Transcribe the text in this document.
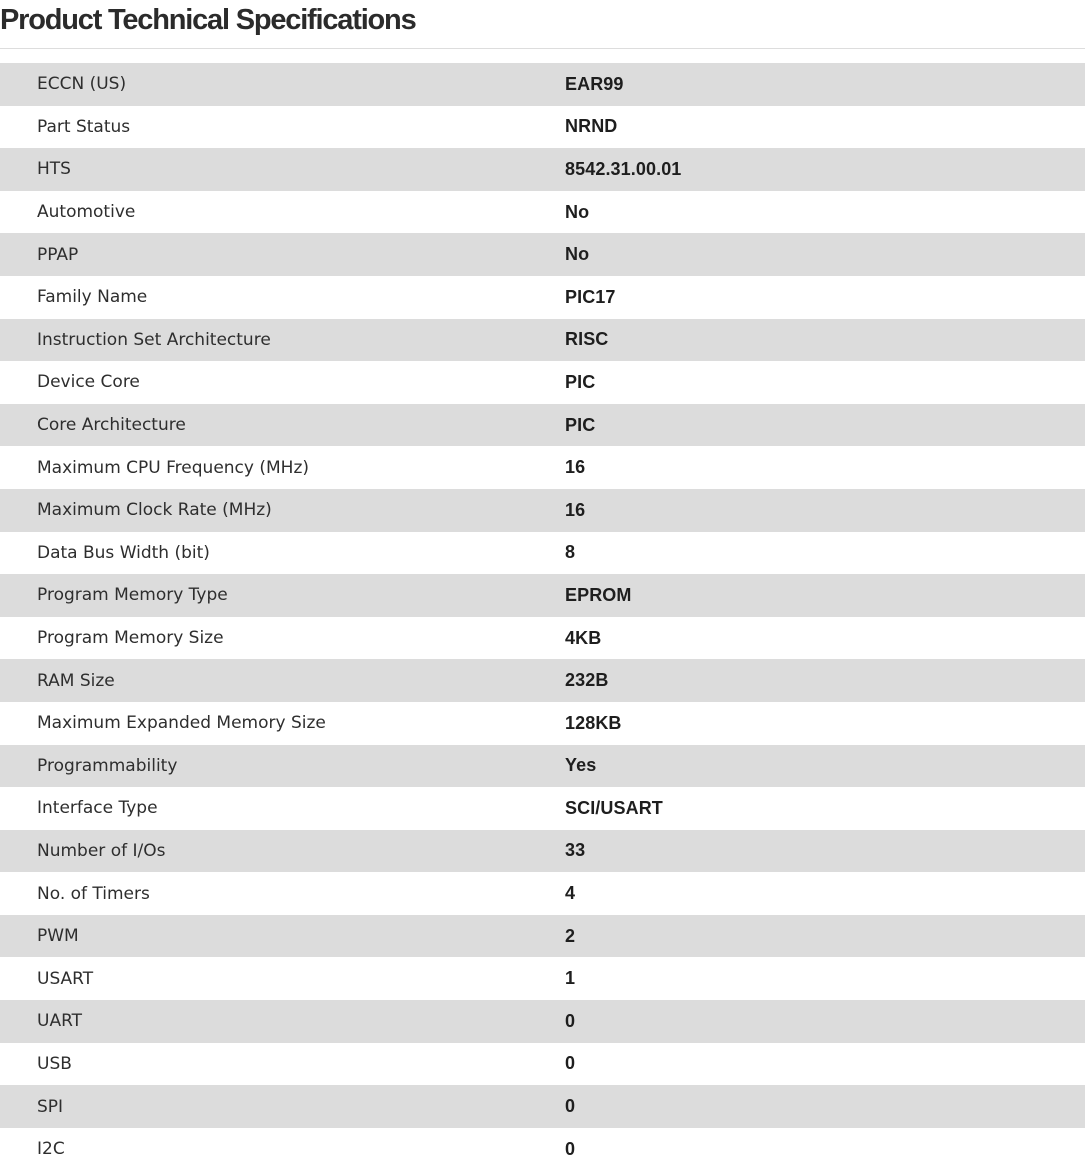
Product Technical Specifications
ECCN (US)	EAR99
Part Status	NRND
HTS	8542.31.00.01
Automotive	No
PPAP	No
Family Name	PIC17
Instruction Set Architecture	RISC
Device Core	PIC
Core Architecture	PIC
Maximum CPU Frequency (MHz)	16
Maximum Clock Rate (MHz)	16
Data Bus Width (bit)	8
Program Memory Type	EPROM
Program Memory Size	4KB
RAM Size	232B
Maximum Expanded Memory Size	128KB
Programmability	Yes
Interface Type	SCI/USART
Number of I/Os	33
No. of Timers	4
PWM	2
USART	1
UART	0
USB	0
SPI	0
I2C	0
